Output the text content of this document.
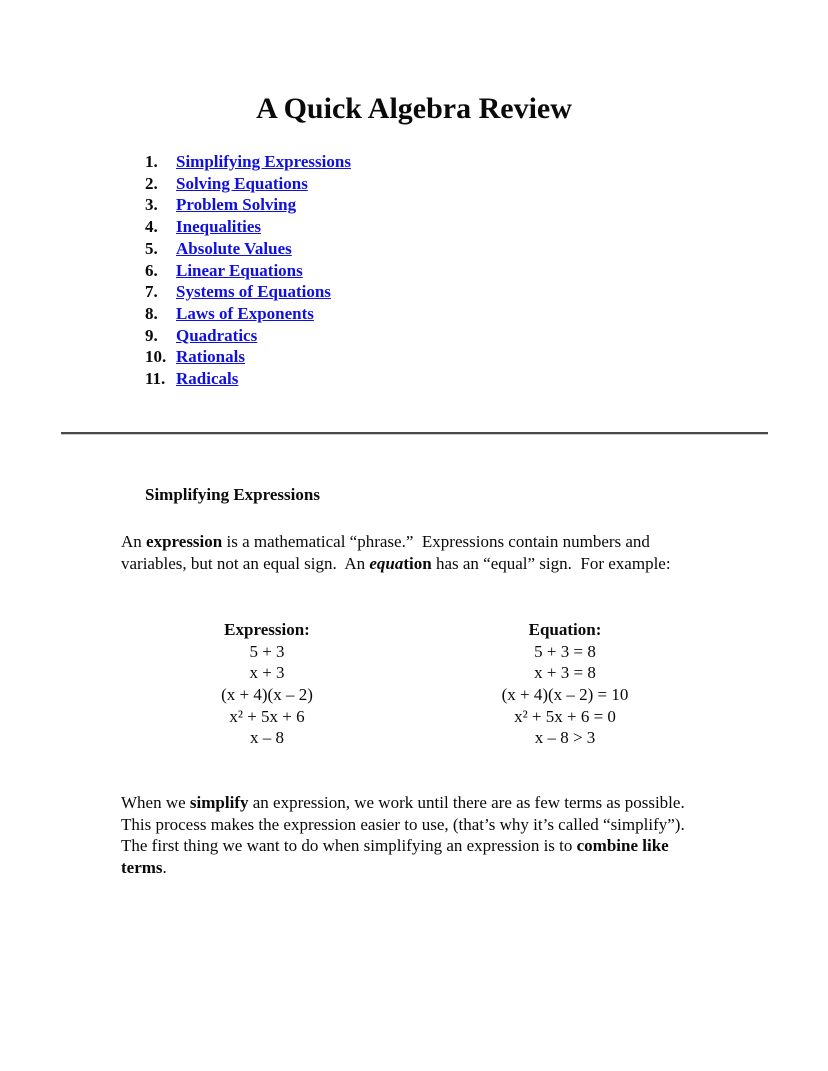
A Quick Algebra Review
1. Simplifying Expressions
2. Solving Equations
3. Problem Solving
4. Inequalities
5. Absolute Values
6. Linear Equations
7. Systems of Equations
8. Laws of Exponents
9. Quadratics
10. Rationals
11. Radicals
Simplifying Expressions

An expression is a mathematical “phrase.”  Expressions contain numbers and variables, but not an equal sign.  An equation has an “equal” sign.  For example:

Expression:
5 + 3
x + 3
(x + 4)(x – 2)
x² + 5x + 6
x – 8
Equation:
5 + 3 = 8
x + 3 = 8
(x + 4)(x – 2) = 10
x² + 5x + 6 = 0
x – 8 > 3

When we simplify an expression, we work until there are as few terms as possible.  This process makes the expression easier to use, (that’s why it’s called “simplify”).  The first thing we want to do when simplifying an expression is to combine like terms.
